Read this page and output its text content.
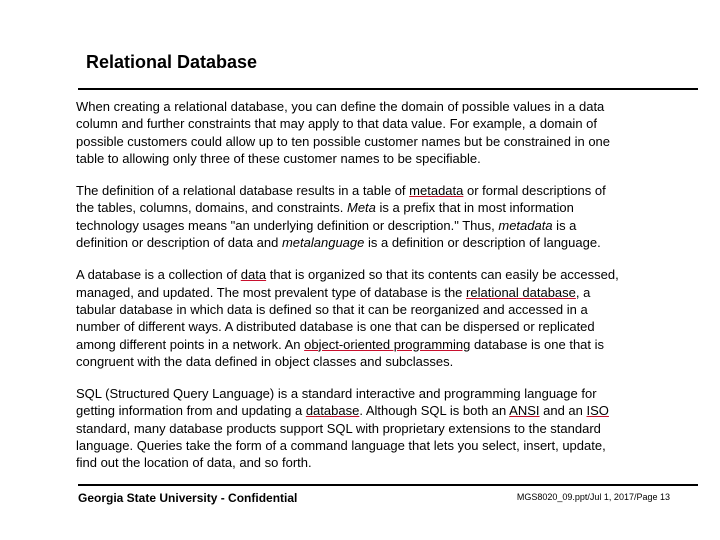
Relational Database

When creating a relational database, you can define the domain of possible values in a data
column and further constraints that may apply to that data value. For example, a domain of
possible customers could allow up to ten possible customer names but be constrained in one
table to allowing only three of these customer names to be specifiable.

The definition of a relational database results in a table of metadata or formal descriptions of
the tables, columns, domains, and constraints. Meta is a prefix that in most information
technology usages means "an underlying definition or description." Thus, metadata is a
definition or description of data and metalanguage is a definition or description of language.

A database is a collection of data that is organized so that its contents can easily be accessed,
managed, and updated. The most prevalent type of database is the relational database, a
tabular database in which data is defined so that it can be reorganized and accessed in a
number of different ways. A distributed database is one that can be dispersed or replicated
among different points in a network. An object-oriented programming database is one that is
congruent with the data defined in object classes and subclasses.

SQL (Structured Query Language) is a standard interactive and programming language for
getting information from and updating a database. Although SQL is both an ANSI and an ISO
standard, many database products support SQL with proprietary extensions to the standard
language. Queries take the form of a command language that lets you select, insert, update,
find out the location of data, and so forth.

Georgia State University - Confidential	MGS8020_09.ppt/Jul 1, 2017/Page 13
